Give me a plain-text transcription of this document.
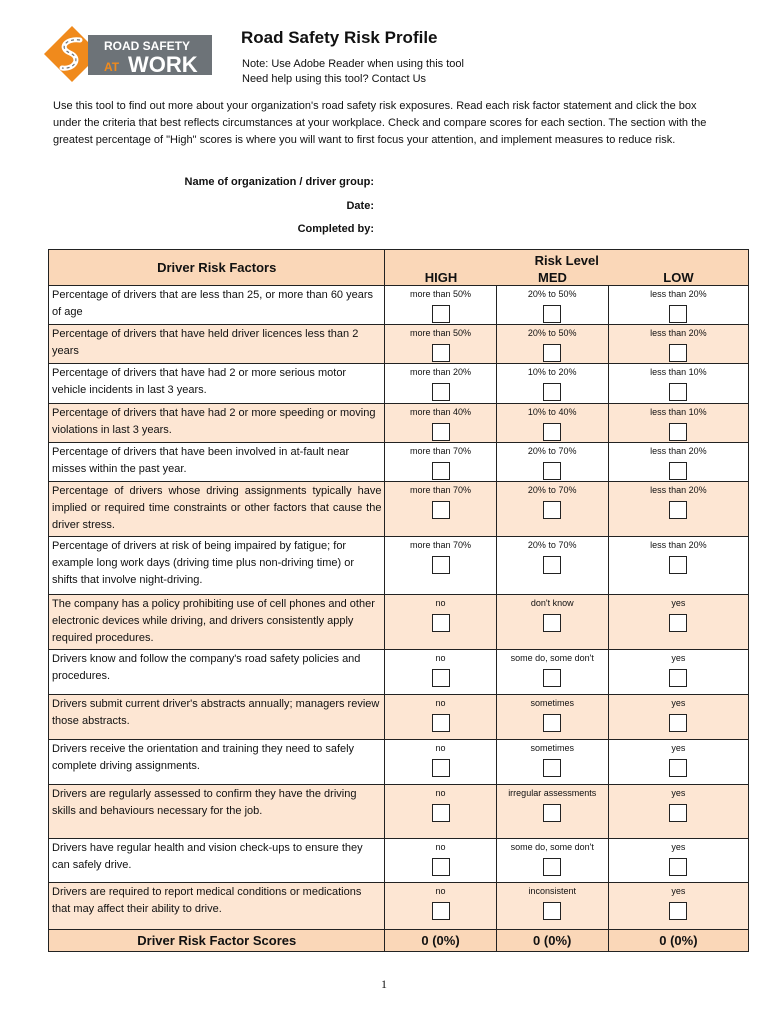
ROAD SAFETY
AT WORK
Road Safety Risk Profile
Note: Use Adobe Reader when using this tool
Need help using this tool? Contact Us
Use this tool to find out more about your organization's road safety risk exposures. Read each risk factor statement and click the box under the criteria that best reflects circumstances at your workplace. Check and compare scores for each section. The section with the greatest percentage of "High" scores is where you will want to first focus your attention, and implement measures to reduce risk.
Name of organization / driver group:
Date:
Completed by:
Driver Risk Factors	Risk Level
HIGH MED LOW		

Percentage of drivers that are less than 25, or more than 60 years of age	more than 50%	20% to 50%	less than 20%

Percentage of drivers that have held driver licences less than 2 years	more than 50%	20% to 50%	less than 20%

Percentage of drivers that have had 2 or more serious motor vehicle incidents in last 3 years.	more than 20%	10% to 20%	less than 10%

Percentage of drivers that have had 2 or more speeding or moving violations in last 3 years.	more than 40%	10% to 40%	less than 10%

Percentage of drivers that have been involved in at-fault near misses within the past year.	more than 70%	20% to 70%	less than 20%

Percentage of drivers whose driving assignments typically have implied or required time constraints or other factors that cause the driver stress.	more than 70%	20% to 70%	less than 20%

Percentage of drivers at risk of being impaired by fatigue; for example long work days (driving time plus non-driving time) or shifts that involve night-driving.	more than 70%	20% to 70%	less than 20%

The company has a policy prohibiting use of cell phones and other electronic devices while driving, and drivers consistently apply required procedures.	no	don't know	yes

Drivers know and follow the company's road safety policies and procedures.	no	some do, some don't	yes

Drivers submit current driver's abstracts annually; managers review those abstracts.	no	sometimes	yes

Drivers receive the orientation and training they need to safely complete driving assignments.	no	sometimes	yes

Drivers are regularly assessed to confirm they have the driving skills and behaviours necessary for the job.	no	irregular assessments	yes

Drivers have regular health and vision check-ups to ensure they can safely drive.	no	some do, some don't	yes

Drivers are required to report medical conditions or medications that may affect their ability to drive.	no	inconsistent	yes

Driver Risk Factor Scores	0 (0%)	0 (0%)	0 (0%)
1
